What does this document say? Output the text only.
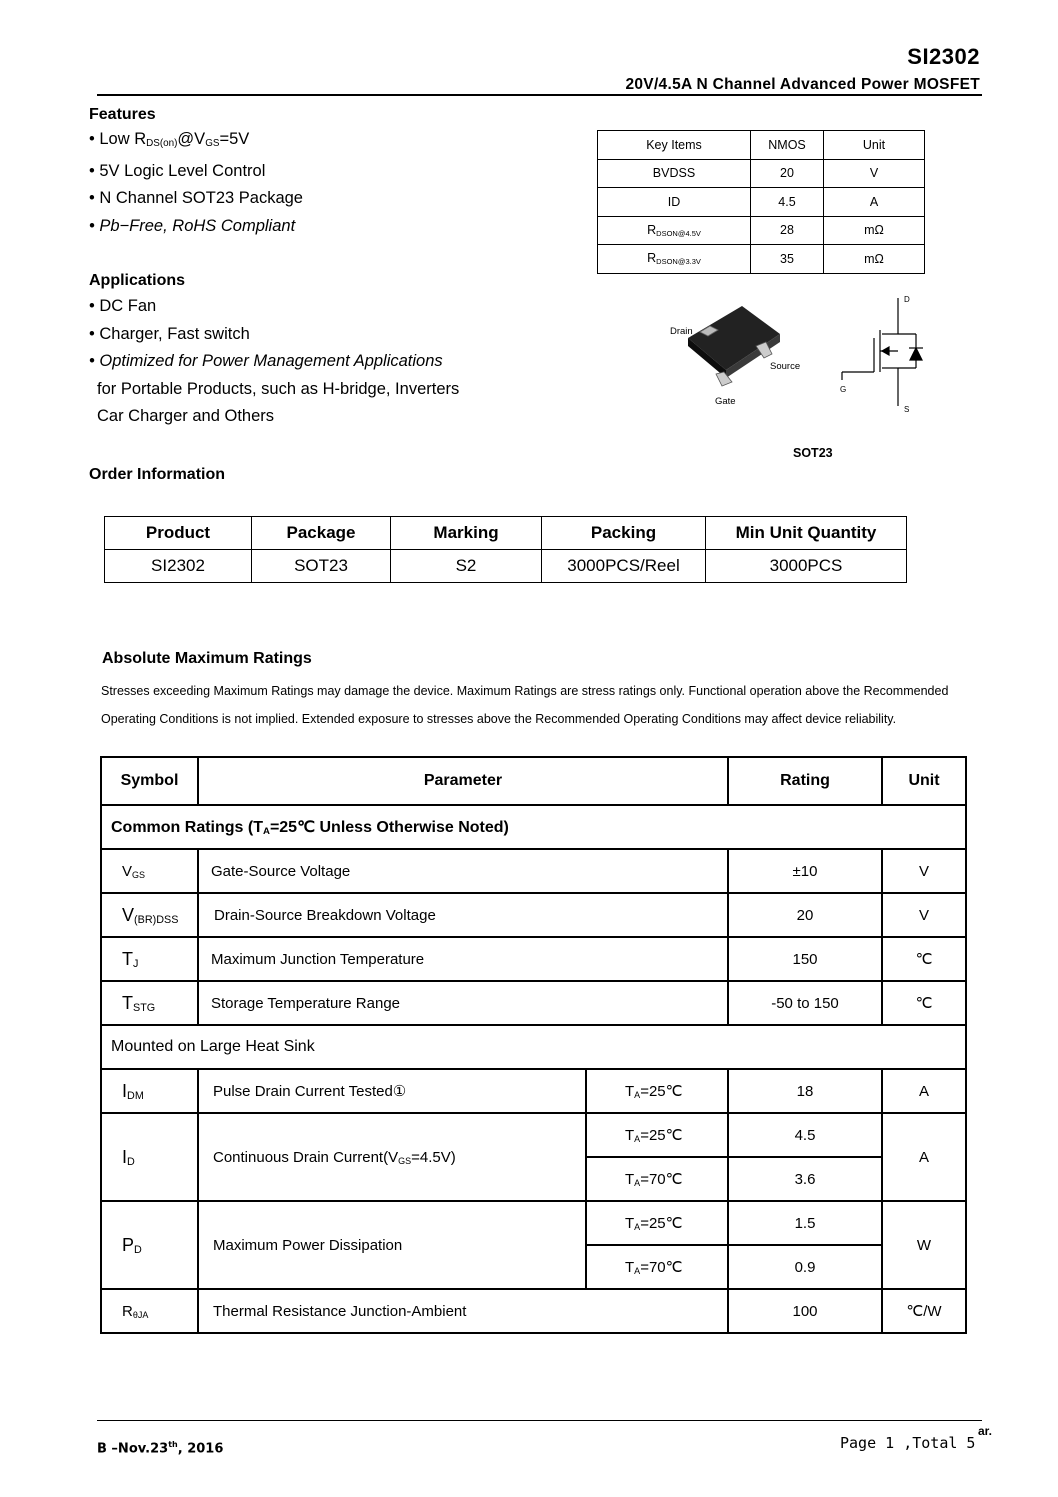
SI2302
20V/4.5A N Channel Advanced Power MOSFET
Features
• Low $R_{DS(on)}@V_{GS}=5V$
• 5V Logic Level Control
• N Channel SOT23 Package
• Pb−Free, RoHS Compliant
Key Items	NMOS	Unit
BVDSS	20	V
ID	4.5	A
$R_{DSON@4.5V}$	28	mΩ
$R_{DSON@3.3V}$	35	mΩ
Applications
• DC Fan
• Charger, Fast switch
• Optimized for Power Management Applications
for Portable Products, such as H-bridge, Inverters
Car Charger and Others
Drain
Source
Gate
D
G
S
SOT23
Order Information
Product	Package	Marking	Packing	Min Unit Quantity
SI2302	SOT23	S2	3000PCS/Reel	3000PCS
Absolute Maximum Ratings
Stresses exceeding Maximum Ratings may damage the device. Maximum Ratings are stress ratings only. Functional operation above the Recommended Operating Conditions is not implied. Extended exposure to stresses above the Recommended Operating Conditions may affect device reliability.
Symbol	Parameter		Rating	Unit
Common Ratings ($T_A=25℃$ Unless Otherwise Noted)				
$V_{GS}$	Gate-Source Voltage		±10	V
$V_{(BR)DSS}$	Drain-Source Breakdown Voltage		20	V
$T_J$	Maximum Junction Temperature		150	℃
$T_{STG}$	Storage Temperature Range		-50 to 150	℃
Mounted on Large Heat Sink				
$I_{DM}$	Pulse Drain Current Tested①	$T_A=25℃$	18	A
$I_D$	Continuous Drain $Current(V_{GS}=4.5V)$	$T_A=25℃$	4.5	A
		$T_A=70℃$	3.6	
$P_D$	Maximum Power Dissipation	$T_A=25℃$	1.5	W
		$T_A=70℃$	0.9	
$R_{\theta JA}$	Thermal Resistance Junction-Ambient		100	℃/W
B –Nov.23th, 2016	Page 1 ,Total 5
ar.
